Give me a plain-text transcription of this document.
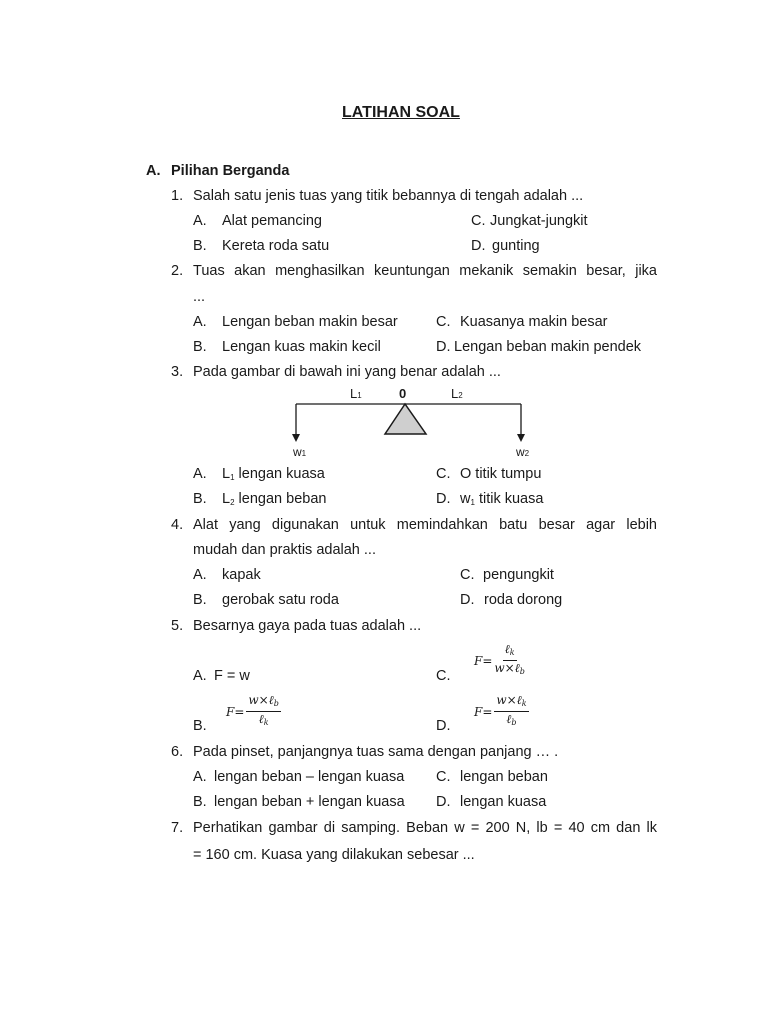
LATIHAN SOAL
A. Pilihan Berganda
1. Salah satu jenis tuas yang titik bebannya di tengah adalah ...
A. Alat pemancing
B. Kereta roda satu
C. Jungkat-jungkit
D. gunting
2. Tuas akan menghasilkan keuntungan mekanik semakin besar, jika
...
A. Lengan beban makin besar
B. Lengan kuas makin kecil
C. Kuasanya makin besar
D. Lengan beban makin pendek
3. Pada gambar di bawah ini yang benar adalah ...
L1	0	L2
w1	w2
A. $L_1$ lengan kuasa
B. $L_2$ lengan beban
C. O titik tumpu
D. $w_1$ titik kuasa
4. Alat yang digunakan untuk memindahkan batu besar agar lebih
mudah dan praktis adalah ...
A. kapak
B. gerobak satu roda
C. pengungkit
D. roda dorong
5. Besarnya gaya pada tuas adalah ...
A. F = w	C.
F=
ℓ$_k$
w×ℓ$_b$
B.
F=
w×ℓ$_b$
ℓ$_k$	D.
F=
w×ℓ$_k$
ℓ$_b$
6. Pada pinset, panjangnya tuas sama dengan panjang … .
A. lengan beban – lengan kuasa
B. lengan beban + lengan kuasa
C. lengan beban
D. lengan kuasa
7. Perhatikan gambar di samping. Beban w = 200 N, lb = 40 cm dan lk
= 160 cm. Kuasa yang dilakukan sebesar ...
